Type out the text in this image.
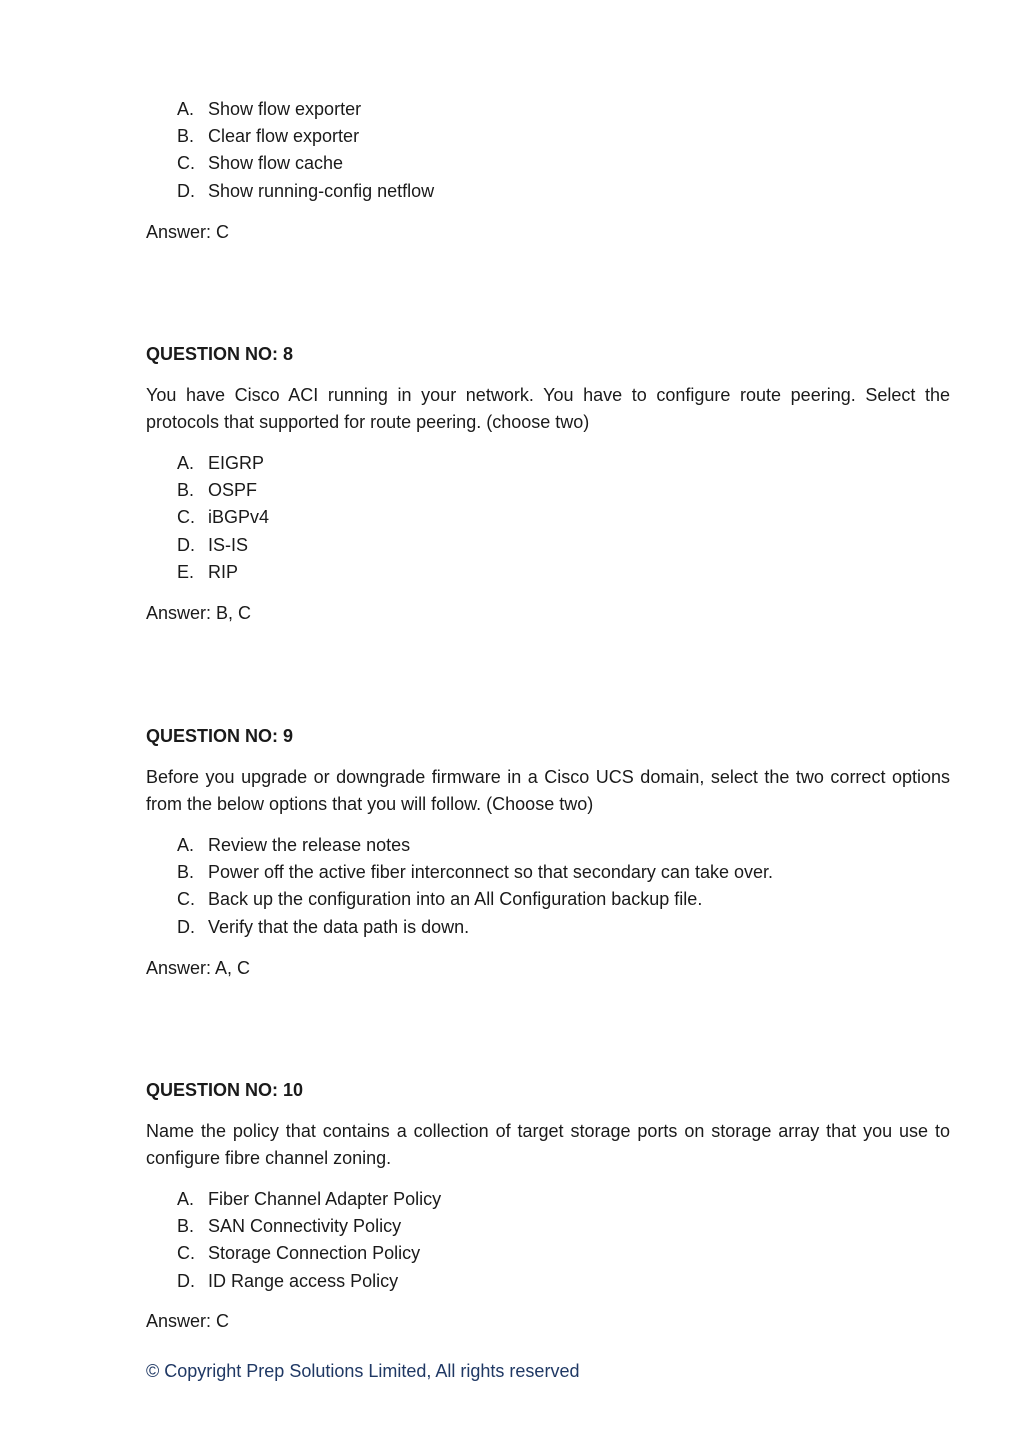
A. Show flow exporter
B. Clear flow exporter
C. Show flow cache
D. Show running-config netflow

Answer: C

QUESTION NO: 8

You have Cisco ACI running in your network. You have to configure route peering. Select the protocols that supported for route peering. (choose two)

A. EIGRP
B. OSPF
C. iBGPv4
D. IS-IS
E. RIP

Answer: B, C

QUESTION NO: 9

Before you upgrade or downgrade firmware in a Cisco UCS domain, select the two correct options from the below options that you will follow. (Choose two)

A. Review the release notes
B. Power off the active fiber interconnect so that secondary can take over.
C. Back up the configuration into an All Configuration backup file.
D. Verify that the data path is down.

Answer: A, C

QUESTION NO: 10

Name the policy that contains a collection of target storage ports on storage array that you use to configure fibre channel zoning.

A. Fiber Channel Adapter Policy
B. SAN Connectivity Policy
C. Storage Connection Policy
D. ID Range access Policy

Answer: C

© Copyright Prep Solutions Limited, All rights reserved
